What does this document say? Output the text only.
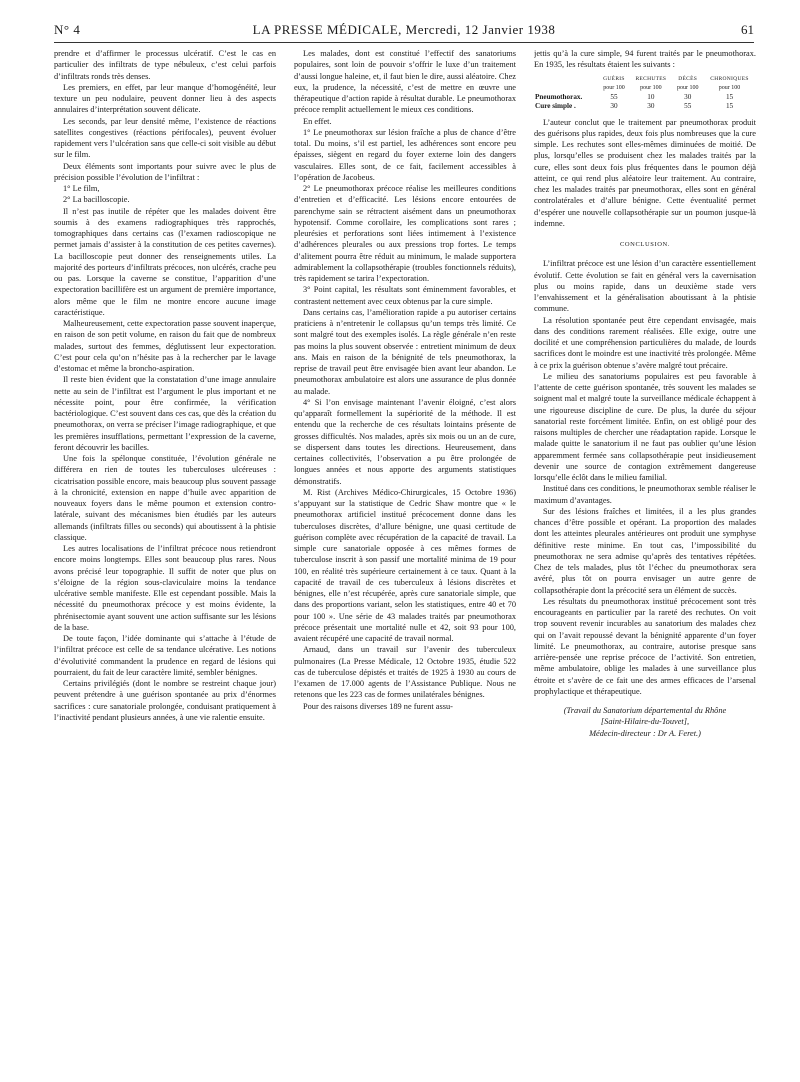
N° 4	LA PRESSE MÉDICALE, Mercredi, 12 Janvier 1938	61

prendre et d’affirmer le processus ulcératif. C’est le cas en particulier des infiltrats de type nébuleux, c’est celui parfois d’infiltrats ronds très denses.

Les premiers, en effet, par leur manque d’homogénéité, leur texture un peu nodulaire, peuvent donner lieu à des aspects annulaires d’interprétation souvent délicate.

Les seconds, par leur densité même, l’existence de réactions satellites congestives (réactions périfocales), peuvent évoluer rapidement vers l’ulcération sans que celle-ci soit visible au début sur le film.

Deux éléments sont importants pour suivre avec le plus de précision possible l’évolution de l’infiltrat :

1° Le film,

2° La bacilloscopie.

Il n’est pas inutile de répéter que les malades doivent être soumis à des examens radiographiques très rapprochés, tomographiques dans certains cas (l’examen radioscopique ne permet jamais d’assister à la constitution de ces petites cavernes). La bacilloscopie peut donner des renseignements utiles. La majorité des porteurs d’infiltrats précoces, non ulcérés, crache peu ou pas. Lorsque la caverne se constitue, l’apparition d’une expectoration bacillifère est un argument de première importance, alors même que le film ne montre encore aucune image caractéristique.

Malheureusement, cette expectoration passe souvent inaperçue, en raison de son petit volume, en raison du fait que de nombreux malades, surtout des femmes, déglutissent leur expectoration. C’est pour cela qu’on n’hésite pas à la rechercher par le lavage d’estomac et même la broncho-aspiration.

Il reste bien évident que la constatation d’une image annulaire nette au sein de l’infiltrat est l’argument le plus important et ne nécessite point, pour être confirmée, la vérification bactériologique. C’est souvent dans ces cas, que dès la création du pneumothorax, on verra se préciser l’image radiographique, et que les premières insufflations, permettant l’expression de la caverne, feront découvrir les bacilles.

Une fois la spélonque constituée, l’évolution générale ne différera en rien de toutes les tuberculoses ulcéreuses : cicatrisation possible encore, mais beaucoup plus souvent passage à la chronicité, extension en nappe d’huile avec apparition de nouveaux foyers dans le même poumon et extension contro-latérale, suivant des mécanismes bien étudiés par les auteurs allemands (infiltrats filles ou seconds) qui aboutissent à la phtisie classique.

Les autres localisations de l’infiltrat précoce nous retiendront encore moins longtemps. Elles sont beaucoup plus rares. Nous avons précisé leur topographie. Il suffit de noter que plus on s’éloigne de la région sous-claviculaire moins la tendance ulcérative semble manifeste. Elle est cependant possible. Mais la nécessité du pneumothorax précoce y est moins évidente, la phrénisectomie ayant souvent une action suffisante sur les lésions de la base.

De toute façon, l’idée dominante qui s’attache à l’étude de l’infiltrat précoce est celle de sa tendance ulcérative. Les notions d’évolutivité commandent la prudence en regard de lésions qui pourraient, du fait de leur caractère limité, sembler bénignes.

Certains privilégiés (dont le nombre se restreint chaque jour) peuvent prétendre à une guérison spontanée au prix d’énormes sacrifices : cure sanatoriale prolongée, conduisant pratiquement à l’inactivité pendant plusieurs années, à une vie ralentie ensuite.

Les malades, dont est constitué l’effectif des sanatoriums populaires, sont loin de pouvoir s’offrir le luxe d’un traitement d’aussi longue haleine, et, il faut bien le dire, aussi aléatoire. Chez eux, la prudence, la nécessité, c’est de mettre en œuvre une thérapeutique d’action rapide à résultat durable. Le pneumothorax précoce remplit actuellement le mieux ces conditions.

En effet.

1° Le pneumothorax sur lésion fraîche a plus de chance d’être total. Du moins, s’il est partiel, les adhérences sont encore peu épaisses, siègent en regard du foyer externe loin des dangers vasculaires. Elles sont, de ce fait, facilement accessibles à l’opération de Jacobeus.

2° Le pneumothorax précoce réalise les meilleures conditions d’entretien et d’efficacité. Les lésions encore entourées de parenchyme sain se rétractent aisément dans un pneumothorax hypotensif. Comme corollaire, les complications sont rares ; pleurésies et perforations sont liées intimement à l’existence d’adhérences pleurales ou aux pressions trop fortes. Le temps d’alitement pourra être réduit au minimum, le malade supportera admirablement la collapsothérapie (troubles fonctionnels réduits), très rapidement se tarira l’expectoration.

3° Point capital, les résultats sont éminemment favorables, et contrastent nettement avec ceux obtenus par la cure simple.

Dans certains cas, l’amélioration rapide a pu autoriser certains praticiens à n’entretenir le collapsus qu’un temps très limité. Ce sont malgré tout des exemples isolés. La règle générale n’en reste pas moins la plus souvent observée : entretient minimum de deux ans. Mais en raison de la bénignité de tels pneumothorax, la reprise de travail peut être envisagée bien avant leur abandon. Le pneumothorax ambulatoire est alors une assurance de plus donnée au malade.

4° Si l’on envisage maintenant l’avenir éloigné, c’est alors qu’apparaît formellement la supériorité de la méthode. Il est entendu que la recherche de ces résultats lointains présente de grosses difficultés. Nos malades, après six mois ou un an de cure, se dispersent dans toutes les directions. Heureusement, dans certaines collectivités, l’observation a pu être prolongée de longues années et nous apporte des arguments statistiques démonstratifs.

M. Rist (Archives Médico-Chirurgicales, 15 Octobre 1936) s’appuyant sur la statistique de Cedric Shaw montre que « le pneumothorax artificiel institué précocement donne dans les tuberculoses discrètes, d’allure bénigne, une quasi certitude de guérison complète avec récupération de la capacité de travail. La simple cure sanatoriale opposée à ces mêmes formes de tuberculose inscrit à son passif une mortalité minima de 19 pour 100, en réalité très supérieure certainement à ce taux. Quant à la capacité de travail de ces tuberculeux à lésions discrètes et bénignes, elle n’est récupérée, après cure sanatoriale simple, que dans des proportions variant, selon les statistiques, entre 40 et 70 pour 100 ». Une série de 43 malades traités par pneumothorax précoce présentait une mortalité nulle et 42, soit 93 pour 100, avaient récupéré une capacité de travail normal.

Arnaud, dans un travail sur l’avenir des tuberculeux pulmonaires (La Presse Médicale, 12 Octobre 1935, étudie 522 cas de tuberculose dépistés et traités de 1925 à 1930 au cours de l’examen de 17.000 agents de l’Assistance Publique. Nous ne retenons que les 223 cas de formes unilatérales bénignes.

Pour des raisons diverses 189 ne furent assu-

jettis qu’à la cure simple, 94 furent traités par le pneumothorax. En 1935, les résultats étaient les suivants :

	GUÉRIS	RECHUTES	DÉCÈS	CHRONIQUES
	pour 100	pour 100	pour 100	pour 100
Pneumothorax.	55	10	30	15
Cure simple .	30	30	55	15

L’auteur conclut que le traitement par pneumothorax produit des guérisons plus rapides, deux fois plus nombreuses que la cure simple. Les rechutes sont elles-mêmes diminuées de moitié. De plus, lorsqu’elles se produisent chez les malades traités par la cure, elles sont deux fois plus fréquentes dans le poumon déjà atteint, ce qui rend plus aléatoire leur traitement. Au contraire, chez les malades traités par pneumothorax, elles sont en général controlatérales et d’allure bénigne. Cette éventualité permet d’espérer une nouvelle collapsothérapie sur un poumon jusque-là indemne.

CONCLUSION.

L’infiltrat précoce est une lésion d’un caractère essentiellement évolutif. Cette évolution se fait en général vers la cavernisation plus ou moins rapide, dans un deuxième stade vers l’envahissement et la généralisation aboutissant à la phtisie commune.

La résolution spontanée peut être cependant envisagée, mais dans des conditions rarement réalisées. Elle exige, outre une docilité et une compréhension particulières du malade, de lourds sacrifices dont le moindre est une inactivité très prolongée. Même à ce prix la guérison obtenue s’avère malgré tout précaire.

Le milieu des sanatoriums populaires est peu favorable à l’attente de cette guérison spontanée, très souvent les malades se soignent mal et malgré toute la surveillance médicale échappent à une rigoureuse discipline de cure. De plus, la durée du séjour sanatorial reste forcément limitée. Enfin, on est obligé pour des raisons multiples de chercher une réadaptation rapide. Lorsque le malade quitte le sanatorium il ne faut pas oublier qu’une lésion apparemment fermée sans collapsothérapie peut insidieusement devenir une source de contagion extrêmement dangereuse lorsqu’elle éclôt dans le milieu familial.

Institué dans ces conditions, le pneumothorax semble réaliser le maximum d’avantages.

Sur des lésions fraîches et limitées, il a les plus grandes chances d’être possible et opérant. La proportion des malades dont les atteintes pleurales antérieures ont produit une symphyse définitive reste minime. En tout cas, l’impossibilité du pneumothorax ne sera admise qu’après des tentatives répétées. Chez de tels malades, plus tôt l’échec du pneumothorax sera avéré, plus tôt on pourra envisager un autre genre de collapsothérapie dont la précocité sera un élément de succès.

Les résultats du pneumothorax institué précocement sont très encourageants en particulier par la rareté des rechutes. On voit trop souvent revenir incurables au sanatorium des malades chez qui on l’avait repoussé devant la bénignité apparente d’un foyer limité. Le pneumothorax, au contraire, autorise presque sans arrière-pensée une reprise précoce de l’activité. Son entretien, même ambulatoire, oblige les malades à une surveillance plus étroite et s’avère de ce fait une des armes efficaces de l’arsenal prophylactique et thérapeutique.

(Travail du Sanatorium départemental du Rhône
[Saint-Hilaire-du-Touvet],
Médecin-directeur : Dr A. Feret.)
